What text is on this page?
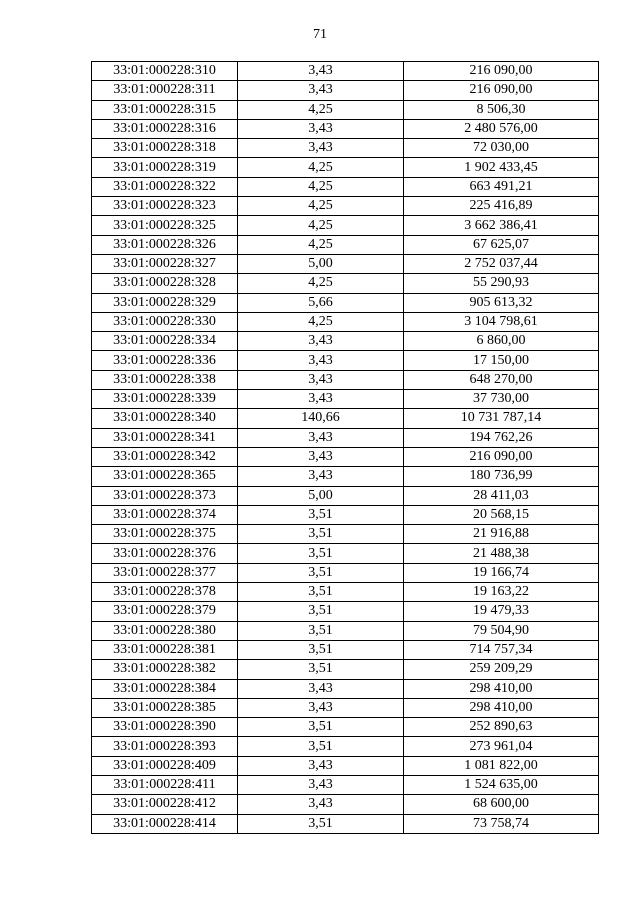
71
33:01:000228:310	3,43	216 090,00
33:01:000228:311	3,43	216 090,00
33:01:000228:315	4,25	8 506,30
33:01:000228:316	3,43	2 480 576,00
33:01:000228:318	3,43	72 030,00
33:01:000228:319	4,25	1 902 433,45
33:01:000228:322	4,25	663 491,21
33:01:000228:323	4,25	225 416,89
33:01:000228:325	4,25	3 662 386,41
33:01:000228:326	4,25	67 625,07
33:01:000228:327	5,00	2 752 037,44
33:01:000228:328	4,25	55 290,93
33:01:000228:329	5,66	905 613,32
33:01:000228:330	4,25	3 104 798,61
33:01:000228:334	3,43	6 860,00
33:01:000228:336	3,43	17 150,00
33:01:000228:338	3,43	648 270,00
33:01:000228:339	3,43	37 730,00
33:01:000228:340	140,66	10 731 787,14
33:01:000228:341	3,43	194 762,26
33:01:000228:342	3,43	216 090,00
33:01:000228:365	3,43	180 736,99
33:01:000228:373	5,00	28 411,03
33:01:000228:374	3,51	20 568,15
33:01:000228:375	3,51	21 916,88
33:01:000228:376	3,51	21 488,38
33:01:000228:377	3,51	19 166,74
33:01:000228:378	3,51	19 163,22
33:01:000228:379	3,51	19 479,33
33:01:000228:380	3,51	79 504,90
33:01:000228:381	3,51	714 757,34
33:01:000228:382	3,51	259 209,29
33:01:000228:384	3,43	298 410,00
33:01:000228:385	3,43	298 410,00
33:01:000228:390	3,51	252 890,63
33:01:000228:393	3,51	273 961,04
33:01:000228:409	3,43	1 081 822,00
33:01:000228:411	3,43	1 524 635,00
33:01:000228:412	3,43	68 600,00
33:01:000228:414	3,51	73 758,74
